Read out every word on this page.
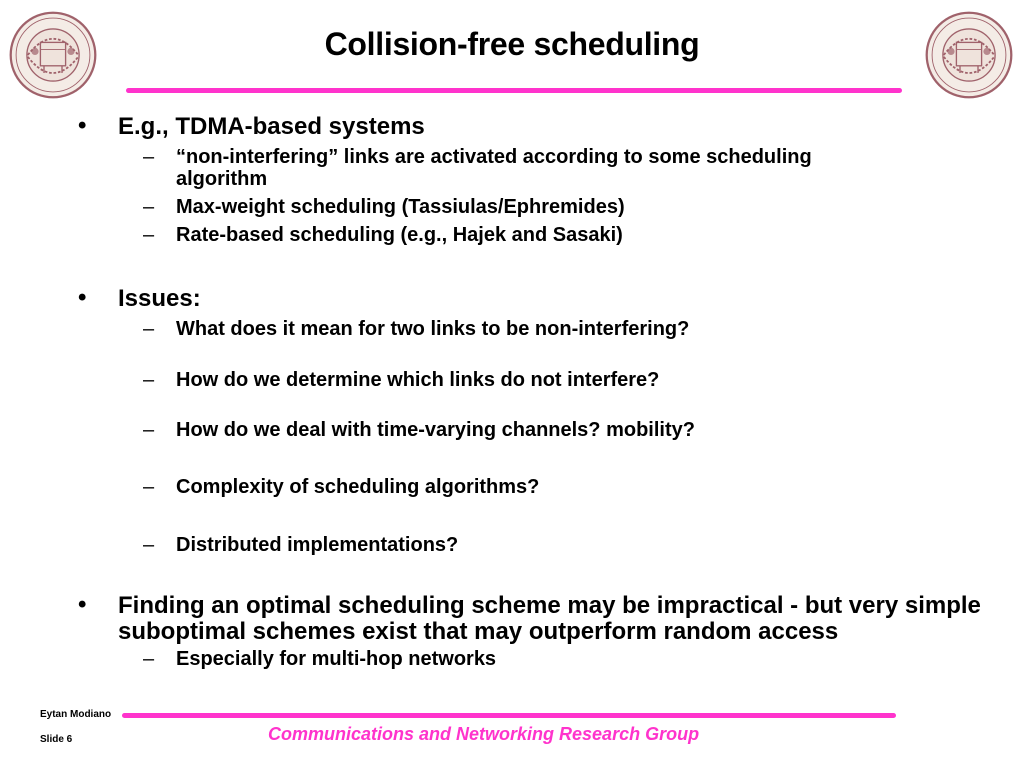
Collision-free scheduling
• E.g., TDMA-based systems
– “non-interfering” links are activated according to some scheduling algorithm
– Max-weight scheduling (Tassiulas/Ephremides)
– Rate-based scheduling (e.g., Hajek and Sasaki)
• Issues:
– What does it mean for two links to be non-interfering?
– How do we determine which links do not interfere?
– How do we deal with time-varying channels? mobility?
– Complexity of scheduling algorithms?
– Distributed implementations?
• Finding an optimal scheduling scheme may be impractical - but very simple suboptimal schemes exist that may outperform random access
– Especially for multi-hop networks
Eytan Modiano
Slide 6	Communications and Networking Research Group
